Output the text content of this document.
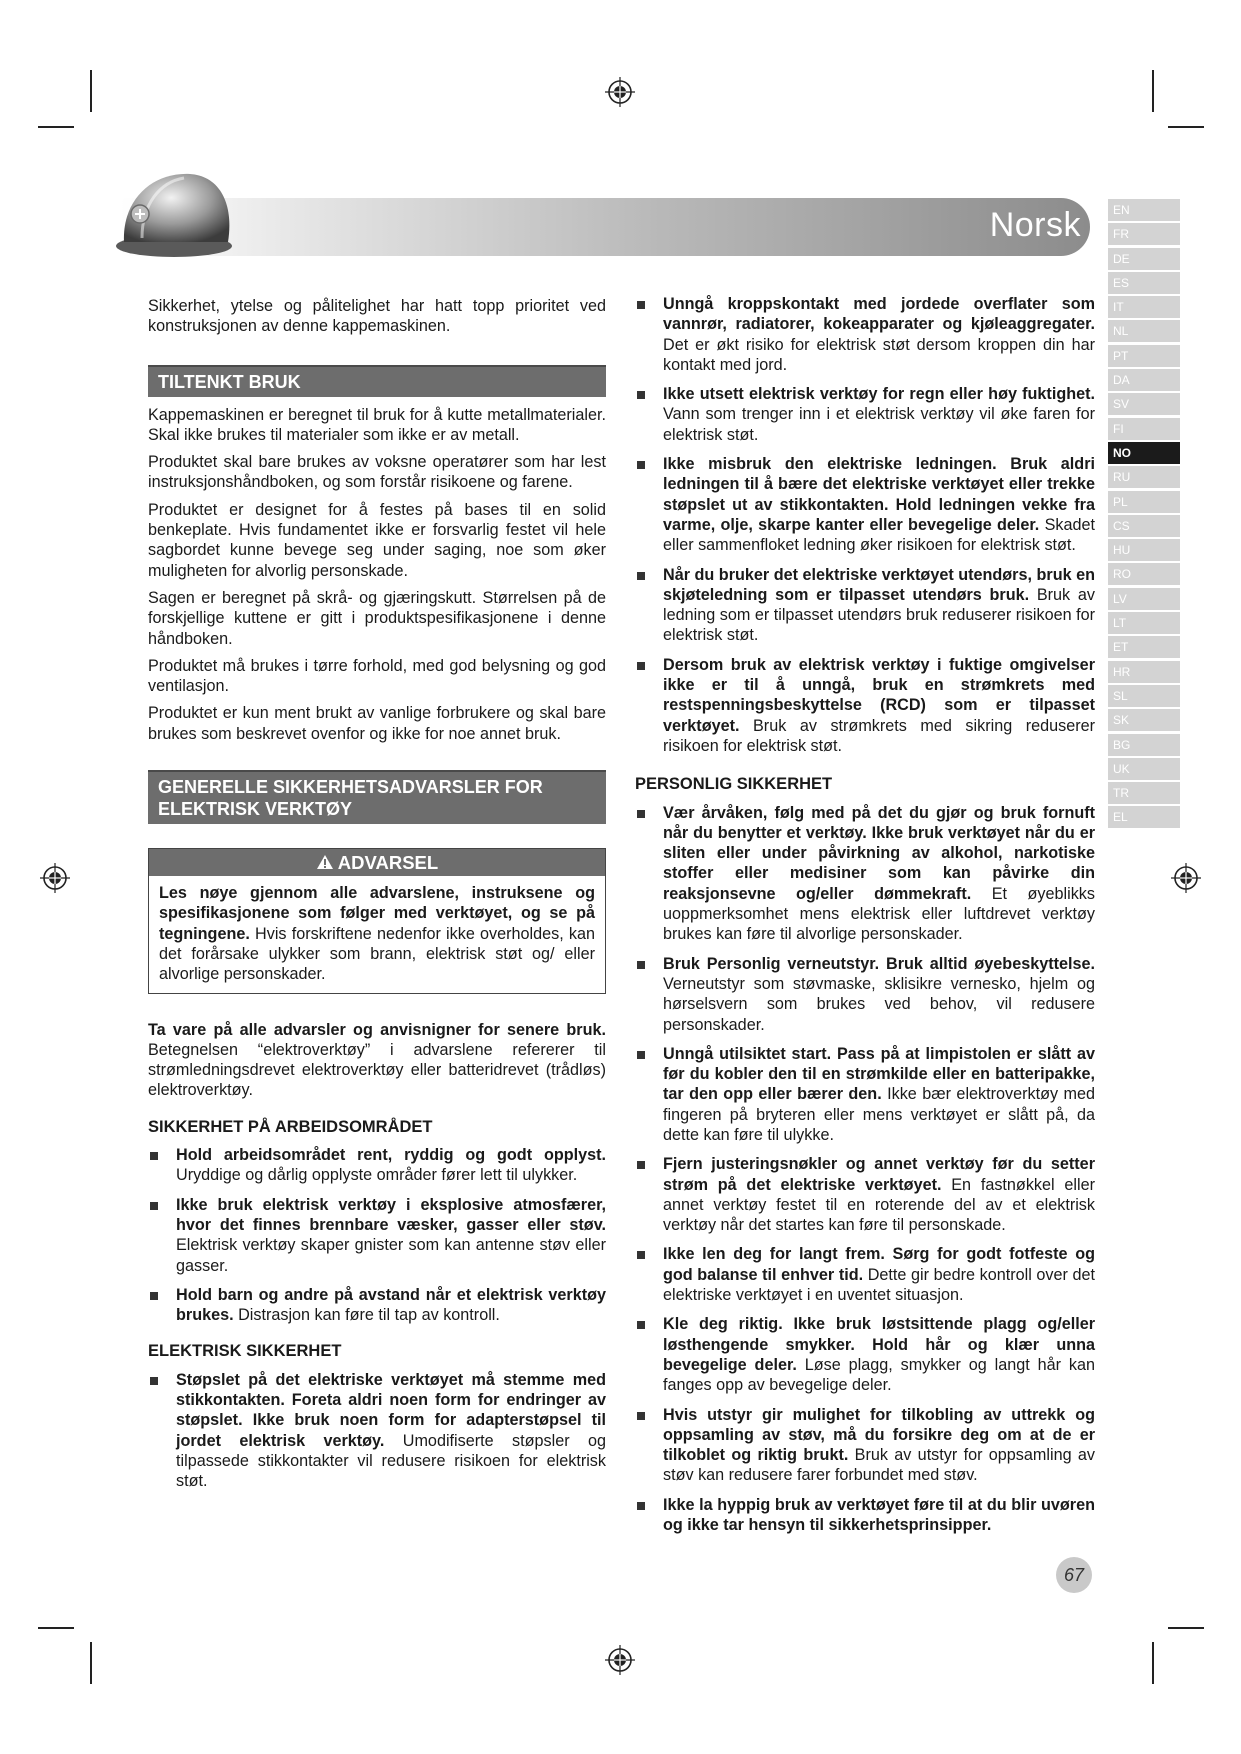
Norsk	EN
FR
DE
ES
IT
NL
PT
DA
SV
FI
NO
RU
PL
CS
HU
RO
LV
LT
ET
HR
SL
SK
BG
UK
TR
EL

Sikkerhet, ytelse og pålitelighet har hatt topp prioritet ved konstruksjonen av denne kappemaskinen.

TILTENKT BRUK

Kappemaskinen er beregnet til bruk for å kutte metallmaterialer. Skal ikke brukes til materialer som ikke er av metall.

Produktet skal bare brukes av voksne operatører som har lest instruksjonshåndboken, og som forstår risikoene og farene.

Produktet er designet for å festes på bases til en solid benkeplate. Hvis fundamentet ikke er forsvarlig festet vil hele sagbordet kunne bevege seg under saging, noe som øker muligheten for alvorlig personskade.

Sagen er beregnet på skrå- og gjæringskutt. Størrelsen på de forskjellige kuttene er gitt i produktspesifikasjonene i denne håndboken.

Produktet må brukes i tørre forhold, med god belysning og god ventilasjon.

Produktet er kun ment brukt av vanlige forbrukere og skal bare brukes som beskrevet ovenfor og ikke for noe annet bruk.

GENERELLE SIKKERHETSADVARSLER FOR
ELEKTRISK VERKTØY
ADVARSEL
Les nøye gjennom alle advarslene, instruksene og spesifikasjonene som følger med verktøyet, og se på tegningene. Hvis forskriftene nedenfor ikke overholdes, kan det forårsake ulykker som brann, elektrisk støt og/ eller alvorlige personskader.

Ta vare på alle advarsler og anvisnigner for senere bruk. Betegnelsen “elektroverktøy” i advarslene refererer til strømledningsdrevet elektroverktøy eller batteridrevet (trådløs) elektroverktøy.

SIKKERHET PÅ ARBEIDSOMRÅDET
Hold arbeidsområdet rent, ryddig og godt opplyst. Uryddige og dårlig opplyste områder fører lett til ulykker.
Ikke bruk elektrisk verktøy i eksplosive atmosfærer, hvor det finnes brennbare væsker, gasser eller støv. Elektrisk verktøy skaper gnister som kan antenne støv eller gasser.
Hold barn og andre på avstand når et elektrisk verktøy brukes. Distrasjon kan føre til tap av kontroll.
ELEKTRISK SIKKERHET
Støpslet på det elektriske verktøyet må stemme med stikkontakten. Foreta aldri noen form for endringer av støpslet. Ikke bruk noen form for adapterstøpsel til jordet elektrisk verktøy. Umodifiserte støpsler og tilpassede stikkontakter vil redusere risikoen for elektrisk støt.
Unngå kroppskontakt med jordede overflater som vannrør, radiatorer, kokeapparater og kjøleaggregater. Det er økt risiko for elektrisk støt dersom kroppen din har kontakt med jord.
Ikke utsett elektrisk verktøy for regn eller høy fuktighet. Vann som trenger inn i et elektrisk verktøy vil øke faren for elektrisk støt.
Ikke misbruk den elektriske ledningen. Bruk aldri ledningen til å bære det elektriske verktøyet eller trekke støpslet ut av stikkontakten. Hold ledningen vekke fra varme, olje, skarpe kanter eller bevegelige deler. Skadet eller sammenfloket ledning øker risikoen for elektrisk støt.
Når du bruker det elektriske verktøyet utendørs, bruk en skjøteledning som er tilpasset utendørs bruk. Bruk av ledning som er tilpasset utendørs bruk reduserer risikoen for elektrisk støt.
Dersom bruk av elektrisk verktøy i fuktige omgivelser ikke er til å unngå, bruk en strømkrets med restspenningsbeskyttelse (RCD) som er tilpasset verktøyet. Bruk av strømkrets med sikring reduserer risikoen for elektrisk støt.
PERSONLIG SIKKERHET
Vær årvåken, følg med på det du gjør og bruk fornuft når du benytter et verktøy. Ikke bruk verktøyet når du er sliten eller under påvirkning av alkohol, narkotiske stoffer eller medisiner som kan påvirke din reaksjonsevne og/eller dømmekraft. Et øyeblikks uoppmerksomhet mens elektrisk eller luftdrevet verktøy brukes kan føre til alvorlige personskader.
Bruk Personlig verneutstyr. Bruk alltid øyebeskyttelse. Verneutstyr som støvmaske, sklisikre vernesko, hjelm og hørselsvern som brukes ved behov, vil redusere personskader.
Unngå utilsiktet start. Pass på at limpistolen er slått av før du kobler den til en strømkilde eller en batteripakke, tar den opp eller bærer den. Ikke bær elektroverktøy med fingeren på bryteren eller mens verktøyet er slått på, da dette kan føre til ulykke.
Fjern justeringsnøkler og annet verktøy før du setter strøm på det elektriske verktøyet. En fastnøkkel eller annet verktøy festet til en roterende del av et elektrisk verktøy når det startes kan føre til personskade.
Ikke len deg for langt frem. Sørg for godt fotfeste og god balanse til enhver tid. Dette gir bedre kontroll over det elektriske verktøyet i en uventet situasjon.
Kle deg riktig. Ikke bruk løstsittende plagg og/eller løsthengende smykker. Hold hår og klær unna bevegelige deler. Løse plagg, smykker og langt hår kan fanges opp av bevegelige deler.
Hvis utstyr gir mulighet for tilkobling av uttrekk og oppsamling av støv, må du forsikre deg om at de er tilkoblet og riktig brukt. Bruk av utstyr for oppsamling av støv kan redusere farer forbundet med støv.
Ikke la hyppig bruk av verktøyet føre til at du blir uvøren og ikke tar hensyn til sikkerhetsprinsipper.
67
